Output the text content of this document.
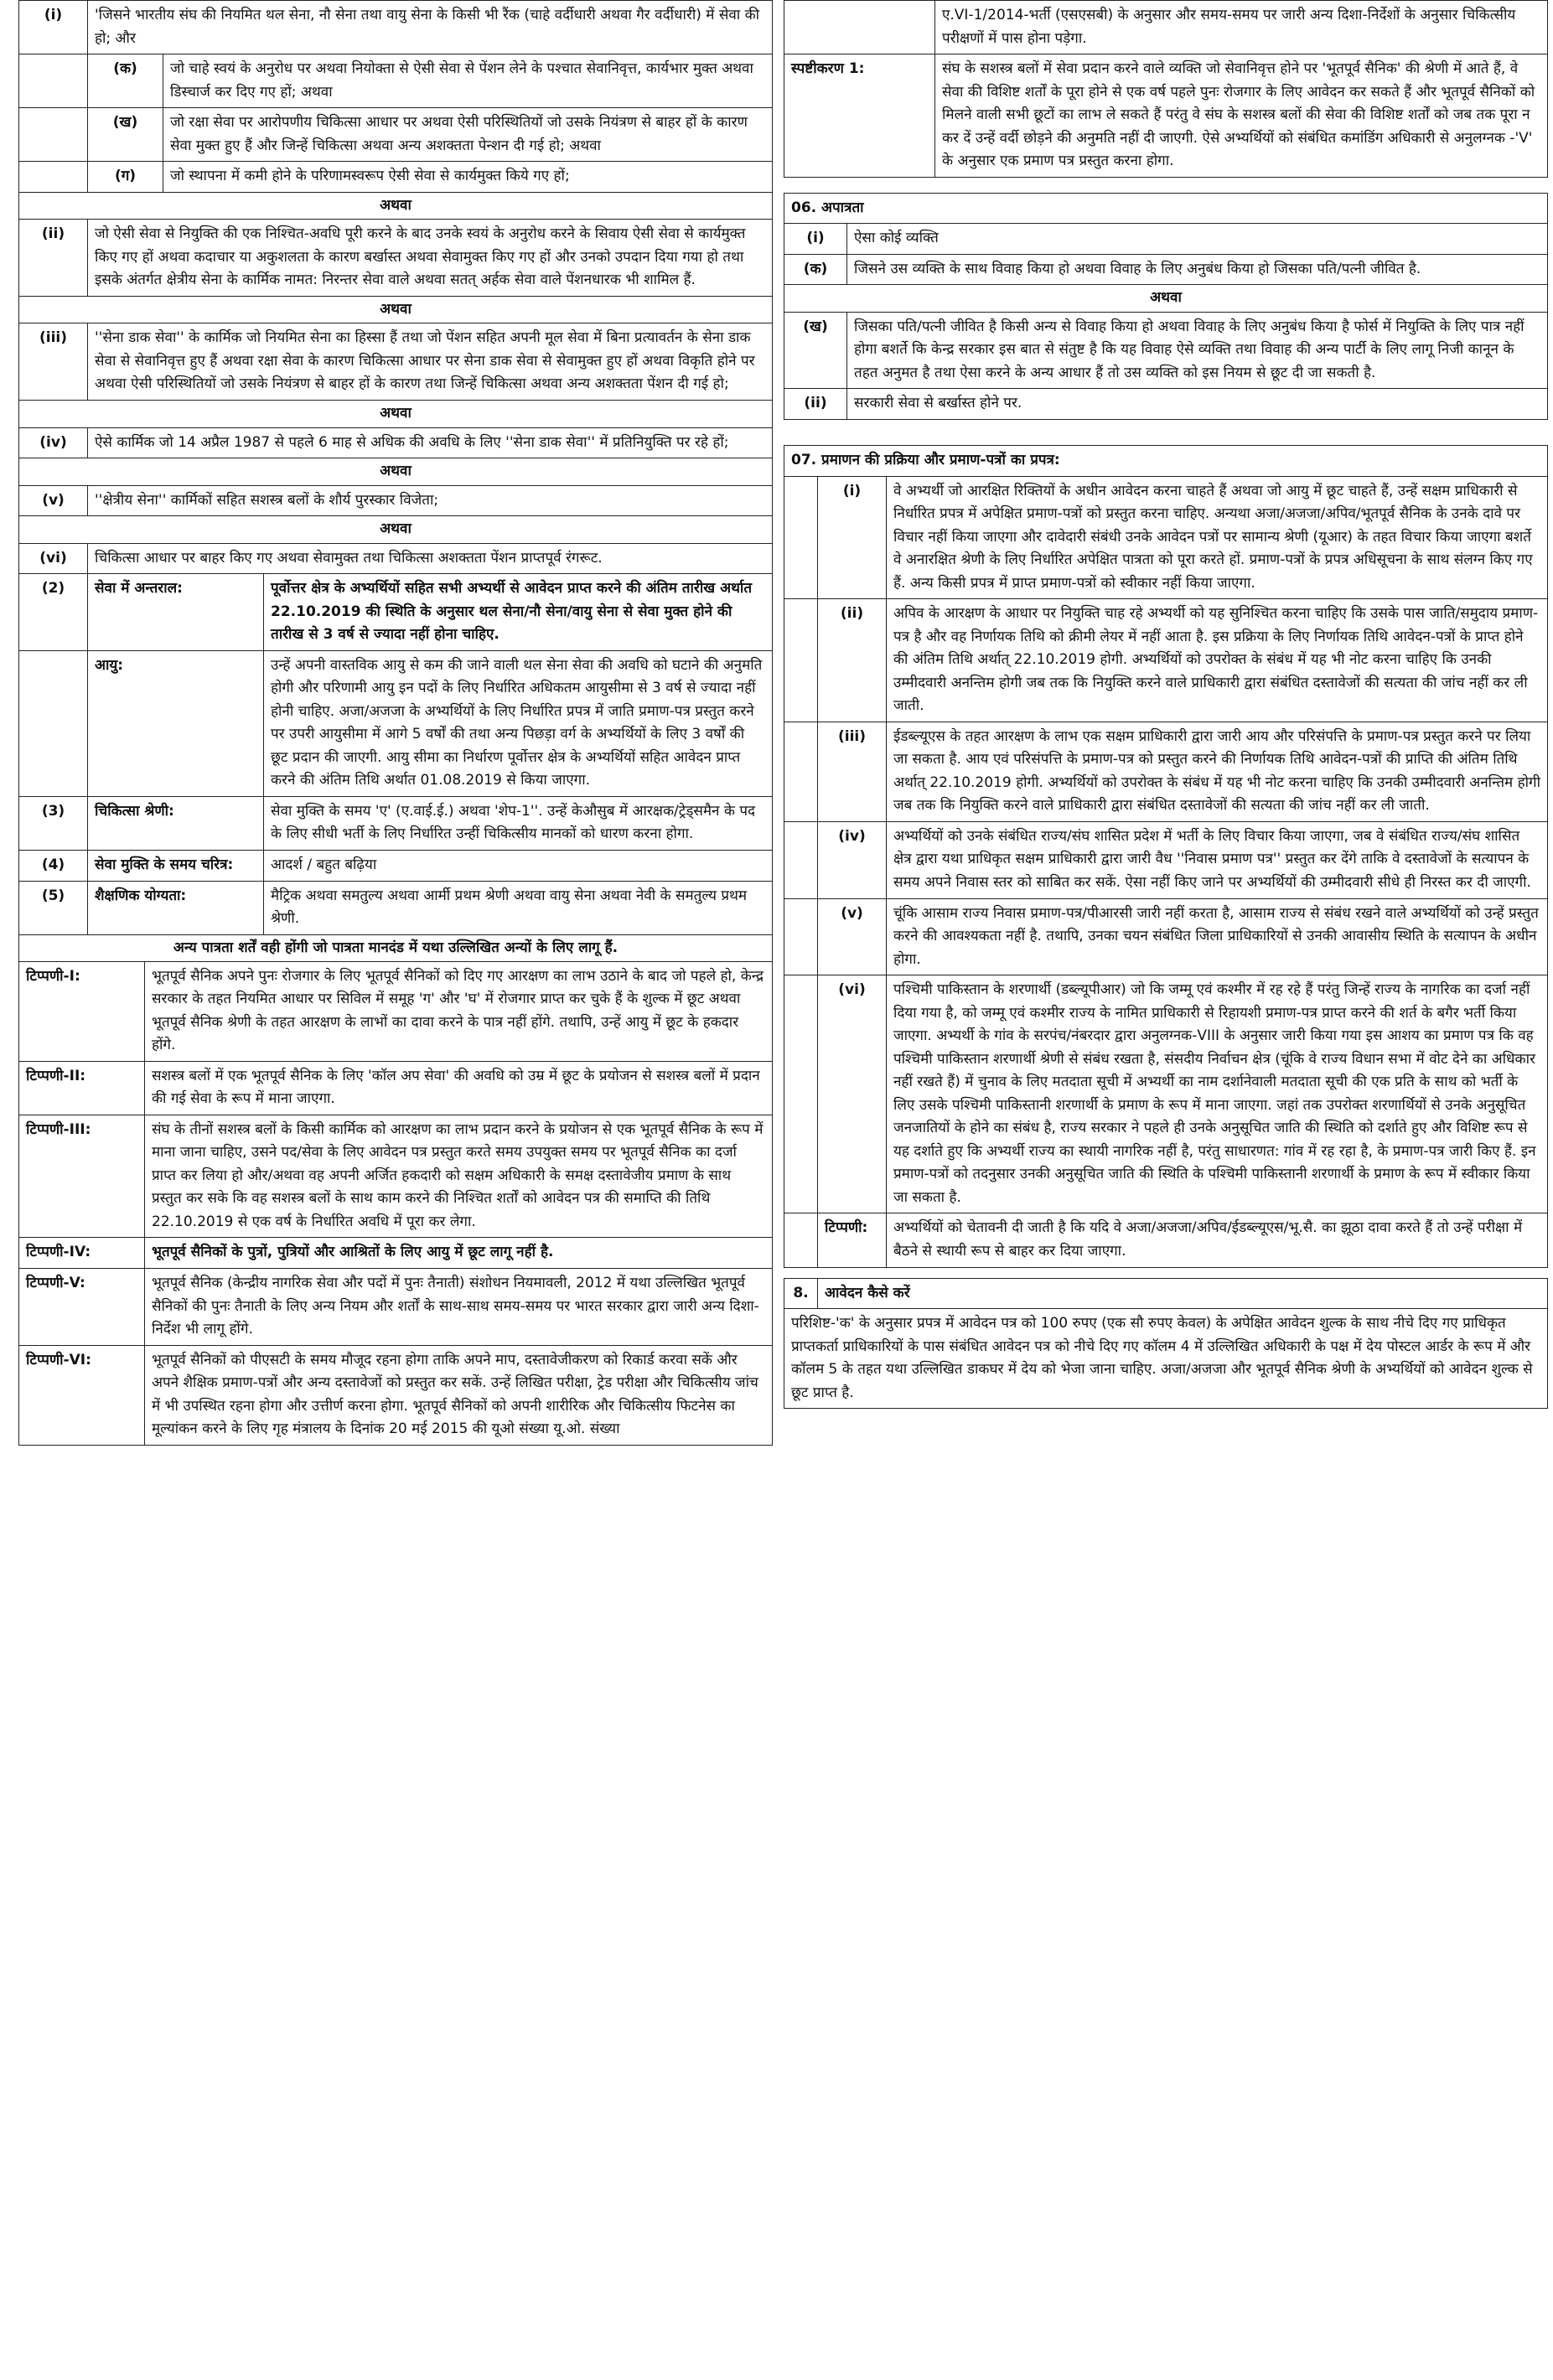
(i)	'जिसने भारतीय संघ की नियमित थल सेना, नौ सेना तथा वायु सेना के किसी भी रैंक (चाहे वर्दीधारी अथवा गैर वर्दीधारी) में सेवा की हो; और		
	(क)	जो चाहे स्वयं के अनुरोध पर अथवा नियोक्ता से ऐसी सेवा से पेंशन लेने के पश्चात सेवानिवृत्त, कार्यभार मुक्त अथवा डिस्चार्ज कर दिए गए हों; अथवा	
	(ख)	जो रक्षा सेवा पर आरोपणीय चिकित्सा आधार पर अथवा ऐसी परिस्थितियों जो उसके नियंत्रण से बाहर हों के कारण सेवा मुक्त हुए हैं और जिन्हें चिकित्सा अथवा अन्य अशक्तता पेन्शन दी गई हो; अथवा	
	(ग)	जो स्थापना में कमी होने के परिणामस्वरूप ऐसी सेवा से कार्यमुक्त किये गए हों;	
अथवा			
(ii)	जो ऐसी सेवा से नियुक्ति की एक निश्चित-अवधि पूरी करने के बाद उनके स्वयं के अनुरोध करने के सिवाय ऐसी सेवा से कार्यमुक्त किए गए हों अथवा कदाचार या अकुशलता के कारण बर्खास्त अथवा सेवामुक्त किए गए हों और उनको उपदान दिया गया हो तथा इसके अंतर्गत क्षेत्रीय सेना के कार्मिक नामत: निरन्तर सेवा वाले अथवा सतत् अर्हक सेवा वाले पेंशनधारक भी शामिल हैं.		
अथवा			
(iii)	''सेना डाक सेवा'' के कार्मिक जो नियमित सेना का हिस्सा हैं तथा जो पेंशन सहित अपनी मूल सेवा में बिना प्रत्यावर्तन के सेना डाक सेवा से सेवानिवृत्त हुए हैं अथवा रक्षा सेवा के कारण चिकित्सा आधार पर सेना डाक सेवा से सेवामुक्त हुए हों अथवा विकृति होने पर अथवा ऐसी परिस्थितियों जो उसके नियंत्रण से बाहर हों के कारण तथा जिन्हें चिकित्सा अथवा अन्य अशक्तता पेंशन दी गई हो;		
अथवा			
(iv)	ऐसे कार्मिक जो 14 अप्रैल 1987 से पहले 6 माह से अधिक की अवधि के लिए ''सेना डाक सेवा'' में प्रतिनियुक्ति पर रहे हों;		
अथवा			
(v)	''क्षेत्रीय सेना'' कार्मिकों सहित सशस्त्र बलों के शौर्य पुरस्कार विजेता;		
अथवा			
(vi)	चिकित्सा आधार पर बाहर किए गए अथवा सेवामुक्त तथा चिकित्सा अशक्तता पेंशन प्राप्तपूर्व रंगरूट.		
(2)	सेवा में अन्तराल:		पूर्वोत्तर क्षेत्र के अभ्यर्थियों सहित सभी अभ्यर्थी से आवेदन प्राप्त करने की अंतिम तारीख अर्थात 22.10.2019 की स्थिति के अनुसार थल सेना/नौ सेना/वायु सेना से सेवा मुक्त होने की तारीख से 3 वर्ष से ज्यादा नहीं होना चाहिए.
	आयु:		उन्हें अपनी वास्तविक आयु से कम की जाने वाली थल सेना सेवा की अवधि को घटाने की अनुमति होगी और परिणामी आयु इन पदों के लिए निर्धारित अधिकतम आयुसीमा से 3 वर्ष से ज्यादा नहीं होनी चाहिए. अजा/अजजा के अभ्यर्थियों के लिए निर्धारित प्रपत्र में जाति प्रमाण-पत्र प्रस्तुत करने पर उपरी आयुसीमा में आगे 5 वर्षों की तथा अन्य पिछड़ा वर्ग के अभ्यर्थियों के लिए 3 वर्षों की छूट प्रदान की जाएगी. आयु सीमा का निर्धारण पूर्वोत्तर क्षेत्र के अभ्यर्थियों सहित आवेदन प्राप्त करने की अंतिम तिथि अर्थात 01.08.2019 से किया जाएगा.
(3)	चिकित्सा श्रेणी:		सेवा मुक्ति के समय 'ए' (ए.वाई.ई.) अथवा 'शेप-1''. उन्हें केऔसुब में आरक्षक/ट्रेड्समैन के पद के लिए सीधी भर्ती के लिए निर्धारित उन्हीं चिकित्सीय मानकों को धारण करना होगा.
(4)	सेवा मुक्ति के समय चरित्र:		आदर्श / बहुत बढ़िया
(5)	शैक्षणिक योग्यता:		मैट्रिक अथवा समतुल्य अथवा आर्मी प्रथम श्रेणी अथवा वायु सेना अथवा नेवी के समतुल्य प्रथम श्रेणी.
अन्य पात्रता शर्तें वही होंगी जो पात्रता मानदंड में यथा उल्लिखित अन्यों के लिए लागू हैं.			
टिप्पणी-I:	भूतपूर्व सैनिक अपने पुनः रोजगार के लिए भूतपूर्व सैनिकों को दिए गए आरक्षण का लाभ उठाने के बाद जो पहले हो, केन्द्र सरकार के तहत नियमित आधार पर सिविल में समूह 'ग' और 'घ' में रोजगार प्राप्त कर चुके हैं के शुल्क में छूट अथवा भूतपूर्व सैनिक श्रेणी के तहत आरक्षण के लाभों का दावा करने के पात्र नहीं होंगे. तथापि, उन्हें आयु में छूट के हकदार होंगे.
टिप्पणी-II:	सशस्त्र बलों में एक भूतपूर्व सैनिक के लिए 'कॉल अप सेवा' की अवधि को उम्र में छूट के प्रयोजन से सशस्त्र बलों में प्रदान की गई सेवा के रूप में माना जाएगा.
टिप्पणी-III:	संघ के तीनों सशस्त्र बलों के किसी कार्मिक को आरक्षण का लाभ प्रदान करने के प्रयोजन से एक भूतपूर्व सैनिक के रूप में माना जाना चाहिए, उसने पद/सेवा के लिए आवेदन पत्र प्रस्तुत करते समय उपयुक्त समय पर भूतपूर्व सैनिक का दर्जा प्राप्त कर लिया हो और/अथवा वह अपनी अर्जित हकदारी को सक्षम अधिकारी के समक्ष दस्तावेजीय प्रमाण के साथ प्रस्तुत कर सके कि वह सशस्त्र बलों के साथ काम करने की निश्चित शर्तों को आवेदन पत्र की समाप्ति की तिथि 22.10.2019 से एक वर्ष के निर्धारित अवधि में पूरा कर लेगा.
टिप्पणी-IV:	भूतपूर्व सैनिकों के पुत्रों, पुत्रियों और आश्रितों के लिए आयु में छूट लागू नहीं है.
टिप्पणी-V:	भूतपूर्व सैनिक (केन्द्रीय नागरिक सेवा और पदों में पुनः तैनाती) संशोधन नियमावली, 2012 में यथा उल्लिखित भूतपूर्व सैनिकों की पुनः तैनाती के लिए अन्य नियम और शर्तों के साथ-साथ समय-समय पर भारत सरकार द्वारा जारी अन्य दिशा-निर्देश भी लागू होंगे.
टिप्पणी-VI:	भूतपूर्व सैनिकों को पीएसटी के समय मौजूद रहना होगा ताकि अपने माप, दस्तावेजीकरण को रिकार्ड करवा सकें और अपने शैक्षिक प्रमाण-पत्रों और अन्य दस्तावेजों को प्रस्तुत कर सकें. उन्हें लिखित परीक्षा, ट्रेड परीक्षा और चिकित्सीय जांच में भी उपस्थित रहना होगा और उत्तीर्ण करना होगा. भूतपूर्व सैनिकों को अपनी शारीरिक और चिकित्सीय फिटनेस का मूल्यांकन करने के लिए गृह मंत्रालय के दिनांक 20 मई 2015 की यूओ संख्या यू.ओ. संख्या
	ए.VI-1/2014-भर्ती (एसएसबी) के अनुसार और समय-समय पर जारी अन्य दिशा-निर्देशों के अनुसार चिकित्सीय परीक्षणों में पास होना पड़ेगा.
स्पष्टीकरण 1:	संघ के सशस्त्र बलों में सेवा प्रदान करने वाले व्यक्ति जो सेवानिवृत्त होने पर 'भूतपूर्व सैनिक' की श्रेणी में आते हैं, वे सेवा की विशिष्ट शर्तों के पूरा होने से एक वर्ष पहले पुनः रोजगार के लिए आवेदन कर सकते हैं और भूतपूर्व सैनिकों को मिलने वाली सभी छूटों का लाभ ले सकते हैं परंतु वे संघ के सशस्त्र बलों की सेवा की विशिष्ट शर्तों को जब तक पूरा न कर दें उन्हें वर्दी छोड़ने की अनुमति नहीं दी जाएगी. ऐसे अभ्यर्थियों को संबंधित कमांडिंग अधिकारी से अनुलग्नक -'V' के अनुसार एक प्रमाण पत्र प्रस्तुत करना होगा.
06. अपात्रता	
(i)	ऐसा कोई व्यक्ति
(क)	जिसने उस व्यक्ति के साथ विवाह किया हो अथवा विवाह के लिए अनुबंध किया हो जिसका पति/पत्नी जीवित है.
अथवा	
(ख)	जिसका पति/पत्नी जीवित है किसी अन्य से विवाह किया हो अथवा विवाह के लिए अनुबंध किया है फोर्स में नियुक्ति के लिए पात्र नहीं होगा बशर्ते कि केन्द्र सरकार इस बात से संतुष्ट है कि यह विवाह ऐसे व्यक्ति तथा विवाह की अन्य पार्टी के लिए लागू निजी कानून के तहत अनुमत है तथा ऐसा करने के अन्य आधार हैं तो उस व्यक्ति को इस नियम से छूट दी जा सकती है.
(ii)	सरकारी सेवा से बर्खास्त होने पर.
07. प्रमाणन की प्रक्रिया और प्रमाण-पत्रों का प्रपत्र:		
	(i)	वे अभ्यर्थी जो आरक्षित रिक्तियों के अधीन आवेदन करना चाहते हैं अथवा जो आयु में छूट चाहते हैं, उन्हें सक्षम प्राधिकारी से निर्धारित प्रपत्र में अपेक्षित प्रमाण-पत्रों को प्रस्तुत करना चाहिए. अन्यथा अजा/अजजा/अपिव/भूतपूर्व सैनिक के उनके दावे पर विचार नहीं किया जाएगा और दावेदारी संबंधी उनके आवेदन पत्रों पर सामान्य श्रेणी (यूआर) के तहत विचार किया जाएगा बशर्ते वे अनारक्षित श्रेणी के लिए निर्धारित अपेक्षित पात्रता को पूरा करते हों. प्रमाण-पत्रों के प्रपत्र अधिसूचना के साथ संलग्न किए गए हैं. अन्य किसी प्रपत्र में प्राप्त प्रमाण-पत्रों को स्वीकार नहीं किया जाएगा.
	(ii)	अपिव के आरक्षण के आधार पर नियुक्ति चाह रहे अभ्यर्थी को यह सुनिश्चित करना चाहिए कि उसके पास जाति/समुदाय प्रमाण-पत्र है और वह निर्णायक तिथि को क्रीमी लेयर में नहीं आता है. इस प्रक्रिया के लिए निर्णायक तिथि आवेदन-पत्रों के प्राप्त होने की अंतिम तिथि अर्थात् 22.10.2019 होगी. अभ्यर्थियों को उपरोक्त के संबंध में यह भी नोट करना चाहिए कि उनकी उम्मीदवारी अनन्तिम होगी जब तक कि नियुक्ति करने वाले प्राधिकारी द्वारा संबंधित दस्तावेजों की सत्यता की जांच नहीं कर ली जाती.
	(iii)	ईडब्ल्यूएस के तहत आरक्षण के लाभ एक सक्षम प्राधिकारी द्वारा जारी आय और परिसंपत्ति के प्रमाण-पत्र प्रस्तुत करने पर लिया जा सकता है. आय एवं परिसंपत्ति के प्रमाण-पत्र को प्रस्तुत करने की निर्णायक तिथि आवेदन-पत्रों की प्राप्ति की अंतिम तिथि अर्थात् 22.10.2019 होगी. अभ्यर्थियों को उपरोक्त के संबंध में यह भी नोट करना चाहिए कि उनकी उम्मीदवारी अनन्तिम होगी जब तक कि नियुक्ति करने वाले प्राधिकारी द्वारा संबंधित दस्तावेजों की सत्यता की जांच नहीं कर ली जाती.
	(iv)	अभ्यर्थियों को उनके संबंधित राज्य/संघ शासित प्रदेश में भर्ती के लिए विचार किया जाएगा, जब वे संबंधित राज्य/संघ शासित क्षेत्र द्वारा यथा प्राधिकृत सक्षम प्राधिकारी द्वारा जारी वैध ''निवास प्रमाण पत्र'' प्रस्तुत कर देंगे ताकि वे दस्तावेजों के सत्यापन के समय अपने निवास स्तर को साबित कर सकें. ऐसा नहीं किए जाने पर अभ्यर्थियों की उम्मीदवारी सीधे ही निरस्त कर दी जाएगी.
	(v)	चूंकि आसाम राज्य निवास प्रमाण-पत्र/पीआरसी जारी नहीं करता है, आसाम राज्य से संबंध रखने वाले अभ्यर्थियों को उन्हें प्रस्तुत करने की आवश्यकता नहीं है. तथापि, उनका चयन संबंधित जिला प्राधिकारियों से उनकी आवासीय स्थिति के सत्यापन के अधीन होगा.
	(vi)	पश्चिमी पाकिस्तान के शरणार्थी (डब्ल्यूपीआर) जो कि जम्मू एवं कश्मीर में रह रहे हैं परंतु जिन्हें राज्य के नागरिक का दर्जा नहीं दिया गया है, को जम्मू एवं कश्मीर राज्य के नामित प्राधिकारी से रिहायशी प्रमाण-पत्र प्राप्त करने की शर्त के बगैर भर्ती किया जाएगा. अभ्यर्थी के गांव के सरपंच/नंबरदार द्वारा अनुलग्नक-VIII के अनुसार जारी किया गया इस आशय का प्रमाण पत्र कि वह पश्चिमी पाकिस्तान शरणार्थी श्रेणी से संबंध रखता है, संसदीय निर्वाचन क्षेत्र (चूंकि वे राज्य विधान सभा में वोट देने का अधिकार नहीं रखते हैं) में चुनाव के लिए मतदाता सूची में अभ्यर्थी का नाम दर्शानेवाली मतदाता सूची की एक प्रति के साथ को भर्ती के लिए उसके पश्चिमी पाकिस्तानी शरणार्थी के प्रमाण के रूप में माना जाएगा. जहां तक उपरोक्त शरणार्थियों से उनके अनुसूचित जनजातियों के होने का संबंध है, राज्य सरकार ने पहले ही उनके अनुसूचित जाति की स्थिति को दर्शाते हुए और विशिष्ट रूप से यह दर्शाते हुए कि अभ्यर्थी राज्य का स्थायी नागरिक नहीं है, परंतु साधारणत: गांव में रह रहा है, के प्रमाण-पत्र जारी किए हैं. इन प्रमाण-पत्रों को तदनुसार उनकी अनुसूचित जाति की स्थिति के पश्चिमी पाकिस्तानी शरणार्थी के प्रमाण के रूप में स्वीकार किया जा सकता है.
	टिप्पणी:	अभ्यर्थियों को चेतावनी दी जाती है कि यदि वे अजा/अजजा/अपिव/ईडब्ल्यूएस/भू.सै. का झूठा दावा करते हैं तो उन्हें परीक्षा में बैठने से स्थायी रूप से बाहर कर दिया जाएगा.
8.	आवेदन कैसे करें
परिशिष्ट-'क' के अनुसार प्रपत्र में आवेदन पत्र को 100 रुपए (एक सौ रुपए केवल) के अपेक्षित आवेदन शुल्क के साथ नीचे दिए गए प्राधिकृत प्राप्तकर्ता प्राधिकारियों के पास संबंधित आवेदन पत्र को नीचे दिए गए कॉलम 4 में उल्लिखित अधिकारी के पक्ष में देय पोस्टल आर्डर के रूप में और कॉलम 5 के तहत यथा उल्लिखित डाकघर में देय को भेजा जाना चाहिए. अजा/अजजा और भूतपूर्व सैनिक श्रेणी के अभ्यर्थियों को आवेदन शुल्क से छूट प्राप्त है.
